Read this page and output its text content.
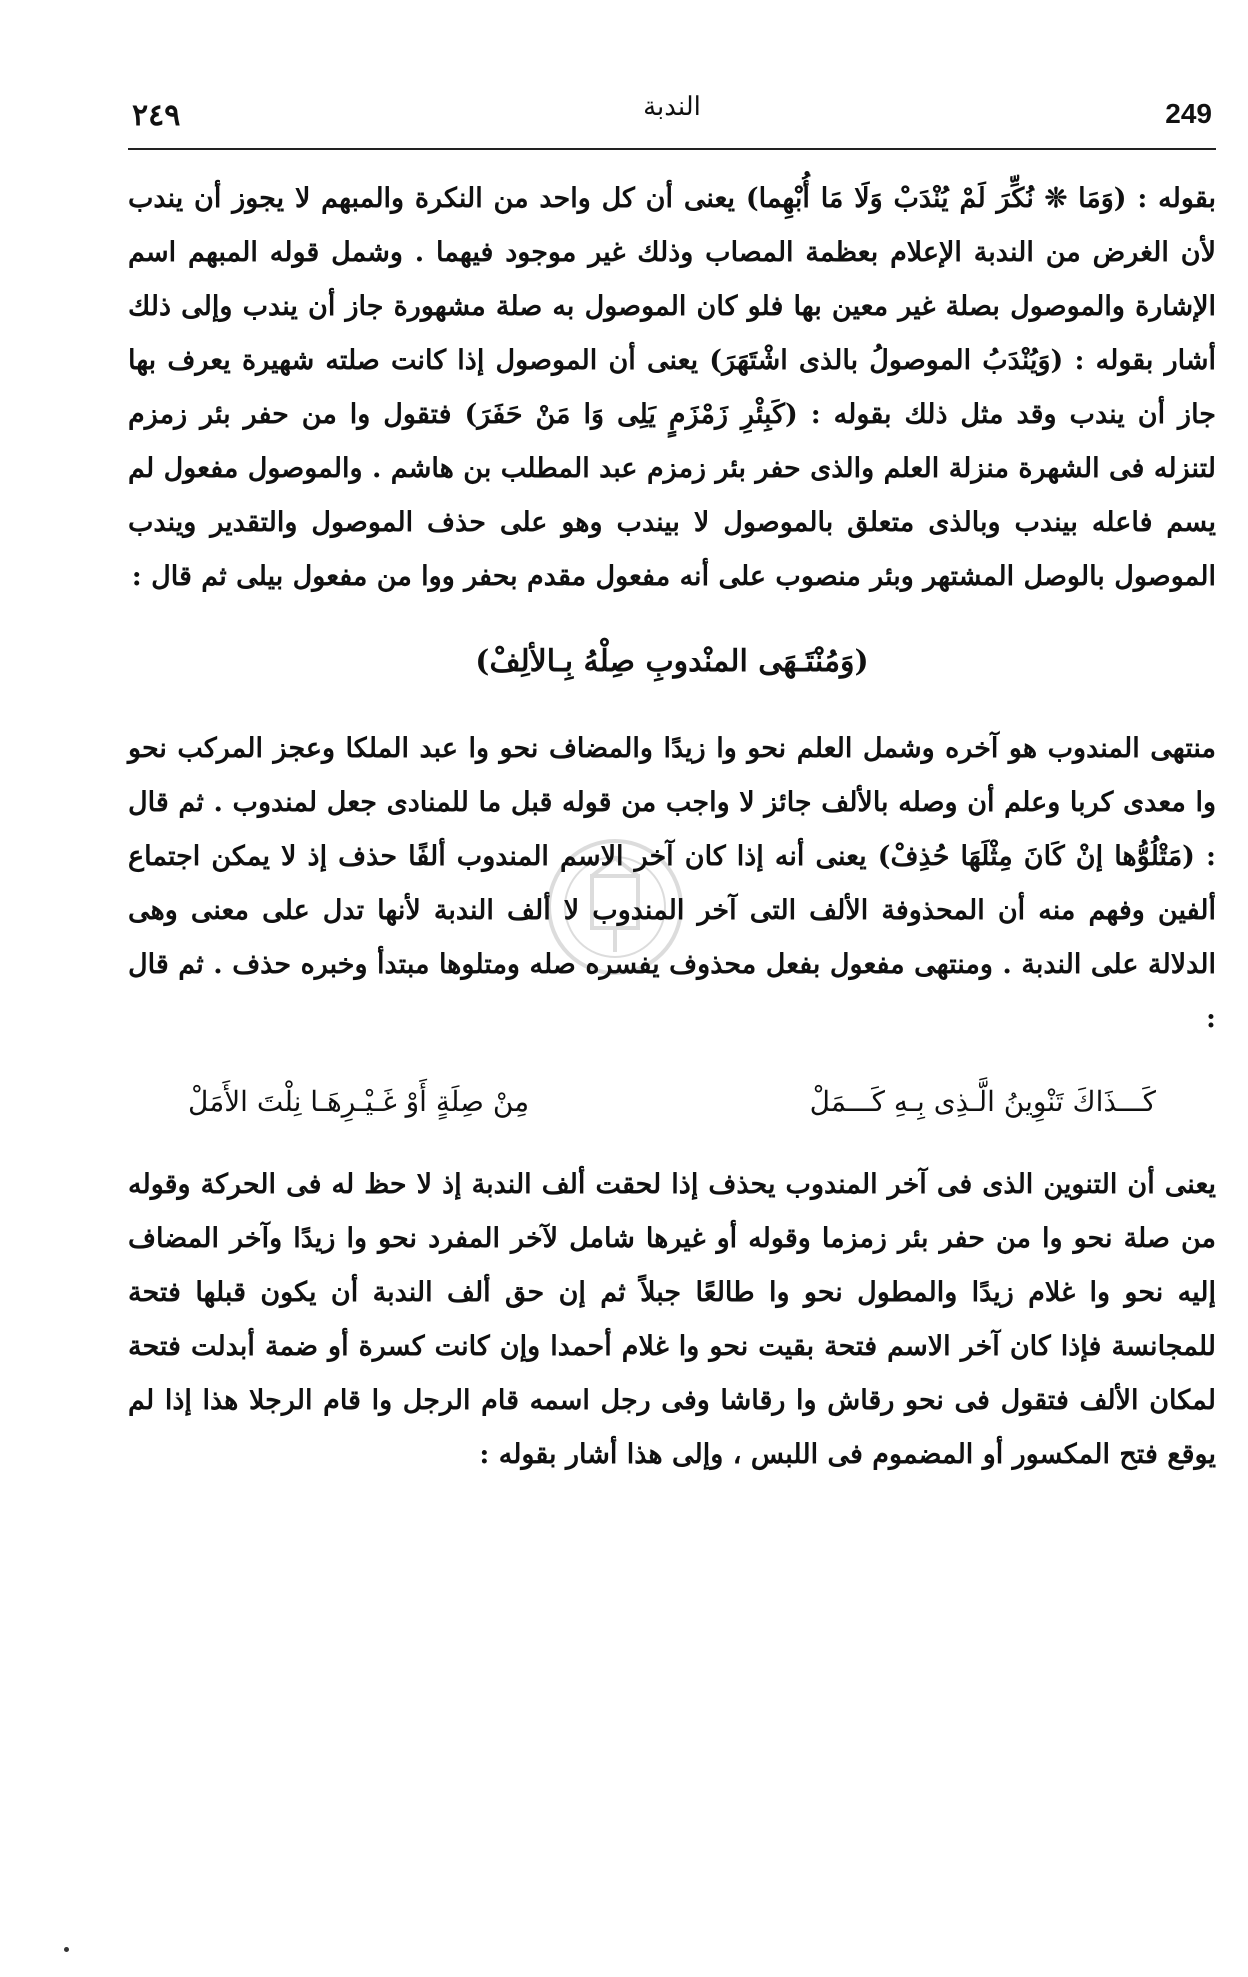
٢٤٩	الندبة	249

بقوله : (وَمَا ❊ نُكِّرَ لَمْ يُنْدَبْ وَلَا مَا أُبْهِما) يعنى أن كل واحد من النكرة والمبهم لا يجوز أن يندب لأن الغرض من الندبة الإعلام بعظمة المصاب وذلك غير موجود فيهما . وشمل قوله المبهم اسم الإشارة والموصول بصلة غير معين بها فلو كان الموصول به صلة مشهورة جاز أن يندب وإلى ذلك أشار بقوله : (وَيُنْدَبُ الموصولُ بالذى اشْتَهَرَ) يعنى أن الموصول إذا كانت صلته شهيرة يعرف بها جاز أن يندب وقد مثل ذلك بقوله : (كَبِئْرِ زَمْزَمٍ يَلِى وَا مَنْ حَفَرَ) فتقول وا من حفر بئر زمزم لتنزله فى الشهرة منزلة العلم والذى حفر بئر زمزم عبد المطلب بن هاشم . والموصول مفعول لم يسم فاعله بيندب وبالذى متعلق بالموصول لا بيندب وهو على حذف الموصول والتقدير ويندب الموصول بالوصل المشتهر وبئر منصوب على أنه مفعول مقدم بحفر ووا من مفعول بيلى ثم قال :

(وَمُنْتَـهَى المنْدوبِ صِلْهُ بِـالألِفْ)

منتهى المندوب هو آخره وشمل العلم نحو وا زيدًا والمضاف نحو وا عبد الملكا وعجز المركب نحو وا معدى كربا وعلم أن وصله بالألف جائز لا واجب من قوله قبل ما للمنادى جعل لمندوب . ثم قال : (مَتْلُوُّها إنْ كَانَ مِثْلَهَا حُذِفْ) يعنى أنه إذا كان آخر الاسم المندوب ألفًا حذف إذ لا يمكن اجتماع ألفين وفهم منه أن المحذوفة الألف التى آخر المندوب لا ألف الندبة لأنها تدل على معنى وهى الدلالة على الندبة . ومنتهى مفعول بفعل محذوف يفسره صله ومتلوها مبتدأ وخبره حذف . ثم قال :

كَـــذَاكَ تَنْوِينُ الَّـذِى بِـهِ كَـــمَلْ
مِنْ صِلَةٍ أَوْ غَـيْـرِهَـا نِلْتَ الأَمَلْ

يعنى أن التنوين الذى فى آخر المندوب يحذف إذا لحقت ألف الندبة إذ لا حظ له فى الحركة وقوله من صلة نحو وا من حفر بئر زمزما وقوله أو غيرها شامل لآخر المفرد نحو وا زيدًا وآخر المضاف إليه نحو وا غلام زيدًا والمطول نحو وا طالعًا جبلاً ثم إن حق ألف الندبة أن يكون قبلها فتحة للمجانسة فإذا كان آخر الاسم فتحة بقيت نحو وا غلام أحمدا وإن كانت كسرة أو ضمة أبدلت فتحة لمكان الألف فتقول فى نحو رقاش وا رقاشا وفى رجل اسمه قام الرجل وا قام الرجلا هذا إذا لم يوقع فتح المكسور أو المضموم فى اللبس ، وإلى هذا أشار بقوله :
